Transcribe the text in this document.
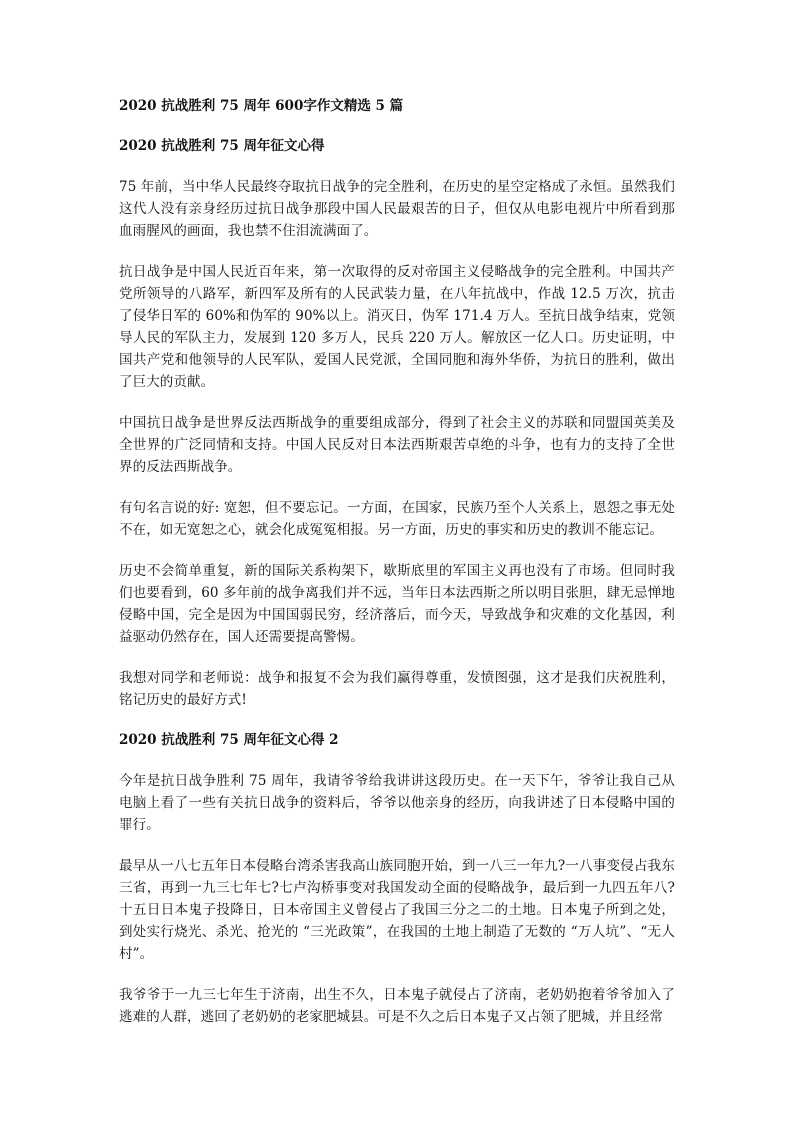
2020 抗战胜利 75 周年 600字作文精选 5 篇
2020 抗战胜利 75 周年征文心得

75 年前，当中华人民最终夺取抗日战争的完全胜利，在历史的星空定格成了永恒。虽然我们这代人没有亲身经历过抗日战争那段中国人民最艰苦的日子，但仅从电影电视片中所看到那血雨腥风的画面，我也禁不住泪流满面了。

抗日战争是中国人民近百年来，第一次取得的反对帝国主义侵略战争的完全胜利。中国共产党所领导的八路军，新四军及所有的人民武装力量，在八年抗战中，作战 12.5 万次，抗击了侵华日军的 60%和伪军的 90%以上。消灭日，伪军 171.4 万人。至抗日战争结束，党领导人民的军队主力，发展到 120 多万人，民兵 220 万人。解放区一亿人口。历史证明，中国共产党和他领导的人民军队，爱国人民党派，全国同胞和海外华侨，为抗日的胜利，做出了巨大的贡献。

中国抗日战争是世界反法西斯战争的重要组成部分，得到了社会主义的苏联和同盟国英美及全世界的广泛同情和支持。中国人民反对日本法西斯艰苦卓绝的斗争，也有力的支持了全世界的反法西斯战争。

有句名言说的好: 宽恕，但不要忘记。一方面，在国家，民族乃至个人关系上，恩怨之事无处不在，如无宽恕之心，就会化成冤冤相报。另一方面，历史的事实和历史的教训不能忘记。

历史不会简单重复，新的国际关系构架下，歇斯底里的军国主义再也没有了市场。但同时我们也要看到，60 多年前的战争离我们并不远，当年日本法西斯之所以明目张胆，肆无忌惮地侵略中国，完全是因为中国国弱民穷，经济落后，而今天，导致战争和灾难的文化基因，利益驱动仍然存在，国人还需要提高警惕。

我想对同学和老师说：战争和报复不会为我们赢得尊重，发愤图强，这才是我们庆祝胜利，铭记历史的最好方式!

2020 抗战胜利 75 周年征文心得 2

今年是抗日战争胜利 75 周年，我请爷爷给我讲讲这段历史。在一天下午，爷爷让我自己从电脑上看了一些有关抗日战争的资料后，爷爷以他亲身的经历，向我讲述了日本侵略中国的罪行。

最早从一八七五年日本侵略台湾杀害我高山族同胞开始，到一八三一年九?一八事变侵占我东三省，再到一九三七年七?七卢沟桥事变对我国发动全面的侵略战争，最后到一九四五年八?十五日日本鬼子投降日，日本帝国主义曾侵占了我国三分之二的土地。日本鬼子所到之处，到处实行烧光、杀光、抢光的 “三光政策”，在我国的土地上制造了无数的 “万人坑”、“无人村”。

我爷爷于一九三七年生于济南，出生不久，日本鬼子就侵占了济南，老奶奶抱着爷爷加入了逃难的人群，逃回了老奶奶的老家肥城县。可是不久之后日本鬼子又占领了肥城，并且经常
